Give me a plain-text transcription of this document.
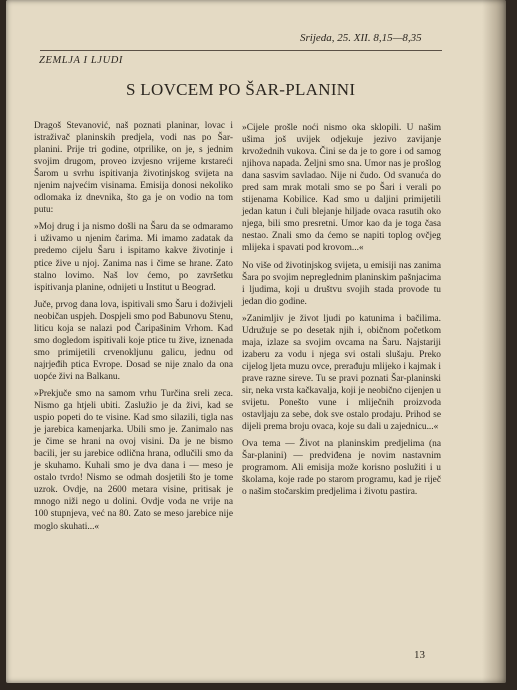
Srijeda, 25. XII. 8,15—8,35
ZEMLJA I LJUDI
S LOVCEM PO ŠAR-PLANINI

Dragoš Stevanović, naš poznati planinar, lovac i istraživač planinskih predjela, vodi nas po Šar-planini. Prije tri godine, otprilike, on je, s jednim svojim drugom, proveo izvjesno vrijeme krstareći Šarom u svrhu ispitivanja životinjskog svijeta na njenim najvećim visinama. Emisija donosi nekoliko odlomaka iz dnevnika, što ga je on vodio na tom putu:

»Moj drug i ja nismo došli na Šaru da se odmaramo i uživamo u njenim čarima. Mi imamo zadatak da predemo cijelu Šaru i ispitamo kakve životinje i ptice žive u njoj. Zanima nas i čime se hrane. Zato stalno lovimo. Naš lov ćemo, po završetku ispitivanja planine, odnijeti u Institut u Beograd.

Juče, prvog dana lova, ispitivali smo Šaru i doživjeli neobičan uspjeh. Dospjeli smo pod Babunovu Stenu, liticu koja se nalazi pod Čaripašinim Vrhom. Kad smo dogledom ispitivali koje ptice tu žive, iznenada smo primijetili crvenokljunu galicu, jednu od najrjeđih ptica Evrope. Dosad se nije znalo da ona uopće živi na Balkanu.

»Prekjuče smo na samom vrhu Turčina sreli zeca. Nismo ga htjeli ubiti. Zaslužio je da živi, kad se uspio popeti do te visine. Kad smo silazili, tigla nas je jarebica kamenjarka. Ubili smo je. Zanimalo nas je čime se hrani na ovoj visini. Da je ne bismo bacili, jer su jarebice odlična hrana, odlučili smo da je skuhamo. Kuhali smo je dva dana i — meso je ostalo tvrdo! Nismo se odmah dosjetili što je tome uzrok. Ovdje, na 2600 metara visine, pritisak je mnogo niži nego u dolini. Ovdje voda ne vrije na 100 stupnjeva, već na 80. Zato se meso jarebice nije moglo skuhati...«

»Cijele prošle noći nismo oka sklopili. U našim ušima još uvijek odjekuje jezivo zavijanje krvožednih vukova. Čini se da je to gore i od samog njihova napada. Željni smo sna. Umor nas je prošlog dana sasvim savladao. Nije ni čudo. Od svanuća do pred sam mrak motali smo se po Šari i verali po stijenama Kobilice. Kad smo u daljini primijetili jedan katun i čuli blejanje hiljade ovaca rasutih oko njega, bili smo presretni. Umor kao da je toga časa nestao. Znali smo da ćemo se napiti toplog ovčjeg mlijeka i spavati pod krovom...«

No više od životinjskog svijeta, u emisiji nas zanima Šara po svojim nepreglednim planinskim pašnjacima i ljudima, koji u društvu svojih stada provode tu jedan dio godine.

»Zanimljiv je život ljudi po katunima i bačilima. Udružuje se po desetak njih i, običnom početkom maja, izlaze sa svojim ovcama na Šaru. Najstariji izaberu za vodu i njega svi ostali slušaju. Preko cijelog ljeta muzu ovce, prerađuju mlijeko i kajmak i prave razne sireve. Tu se pravi poznati Šar-planinski sir, neka vrsta kačkavalja, koji je neobično cijenjen u svijetu. Ponešto vune i mliječnih proizvoda ostavljaju za sebe, dok sve ostalo prodaju. Prihod se dijeli prema broju ovaca, koje su dali u zajednicu...«

Ova tema — Život na planinskim predjelima (na Šar-planini) — predviđena je novim nastavnim programom. Ali emisija može korisno poslužiti i u školama, koje rade po starom programu, kad je riječ o našim stočarskim predjelima i životu pastira.

13
